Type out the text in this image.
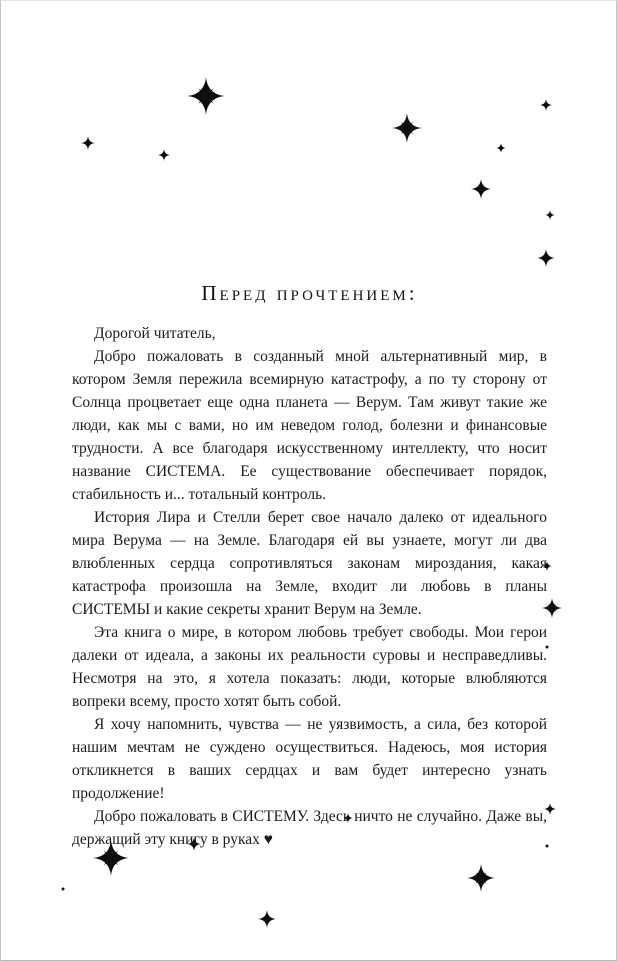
Перед прочтением:

Дорогой читатель,

Добро пожаловать в созданный мной альтернативный мир, в котором Земля пережила всемирную катастрофу, а по ту сторону от Солнца процветает еще одна планета — Верум. Там живут такие же люди, как мы с вами, но им неведом голод, болезни и финансовые трудности. А все благодаря искусственному интеллекту, что носит название СИСТЕМА. Ее существование обеспечивает порядок, стабильность и... тотальный контроль.

История Лира и Стелли берет свое начало далеко от идеального мира Верума — на Земле. Благодаря ей вы узнаете, могут ли два влюбленных сердца сопротивляться законам мироздания, какая катастрофа произошла на Земле, входит ли любовь в планы СИСТЕМЫ и какие секреты хранит Верум на Земле.

Эта книга о мире, в котором любовь требует свободы. Мои герои далеки от идеала, а законы их реальности суровы и несправедливы. Несмотря на это, я хотела показать: люди, которые влюбляются вопреки всему, просто хотят быть собой.

Я хочу напомнить, чувства — не уязвимость, а сила, без которой нашим мечтам не суждено осуществиться. Надеюсь, моя история откликнется в ваших сердцах и вам будет интересно узнать продолжение!

Добро пожаловать в СИСТЕМУ. Здесь ничто не случайно. Даже вы, держащий эту книгу в руках ♥
